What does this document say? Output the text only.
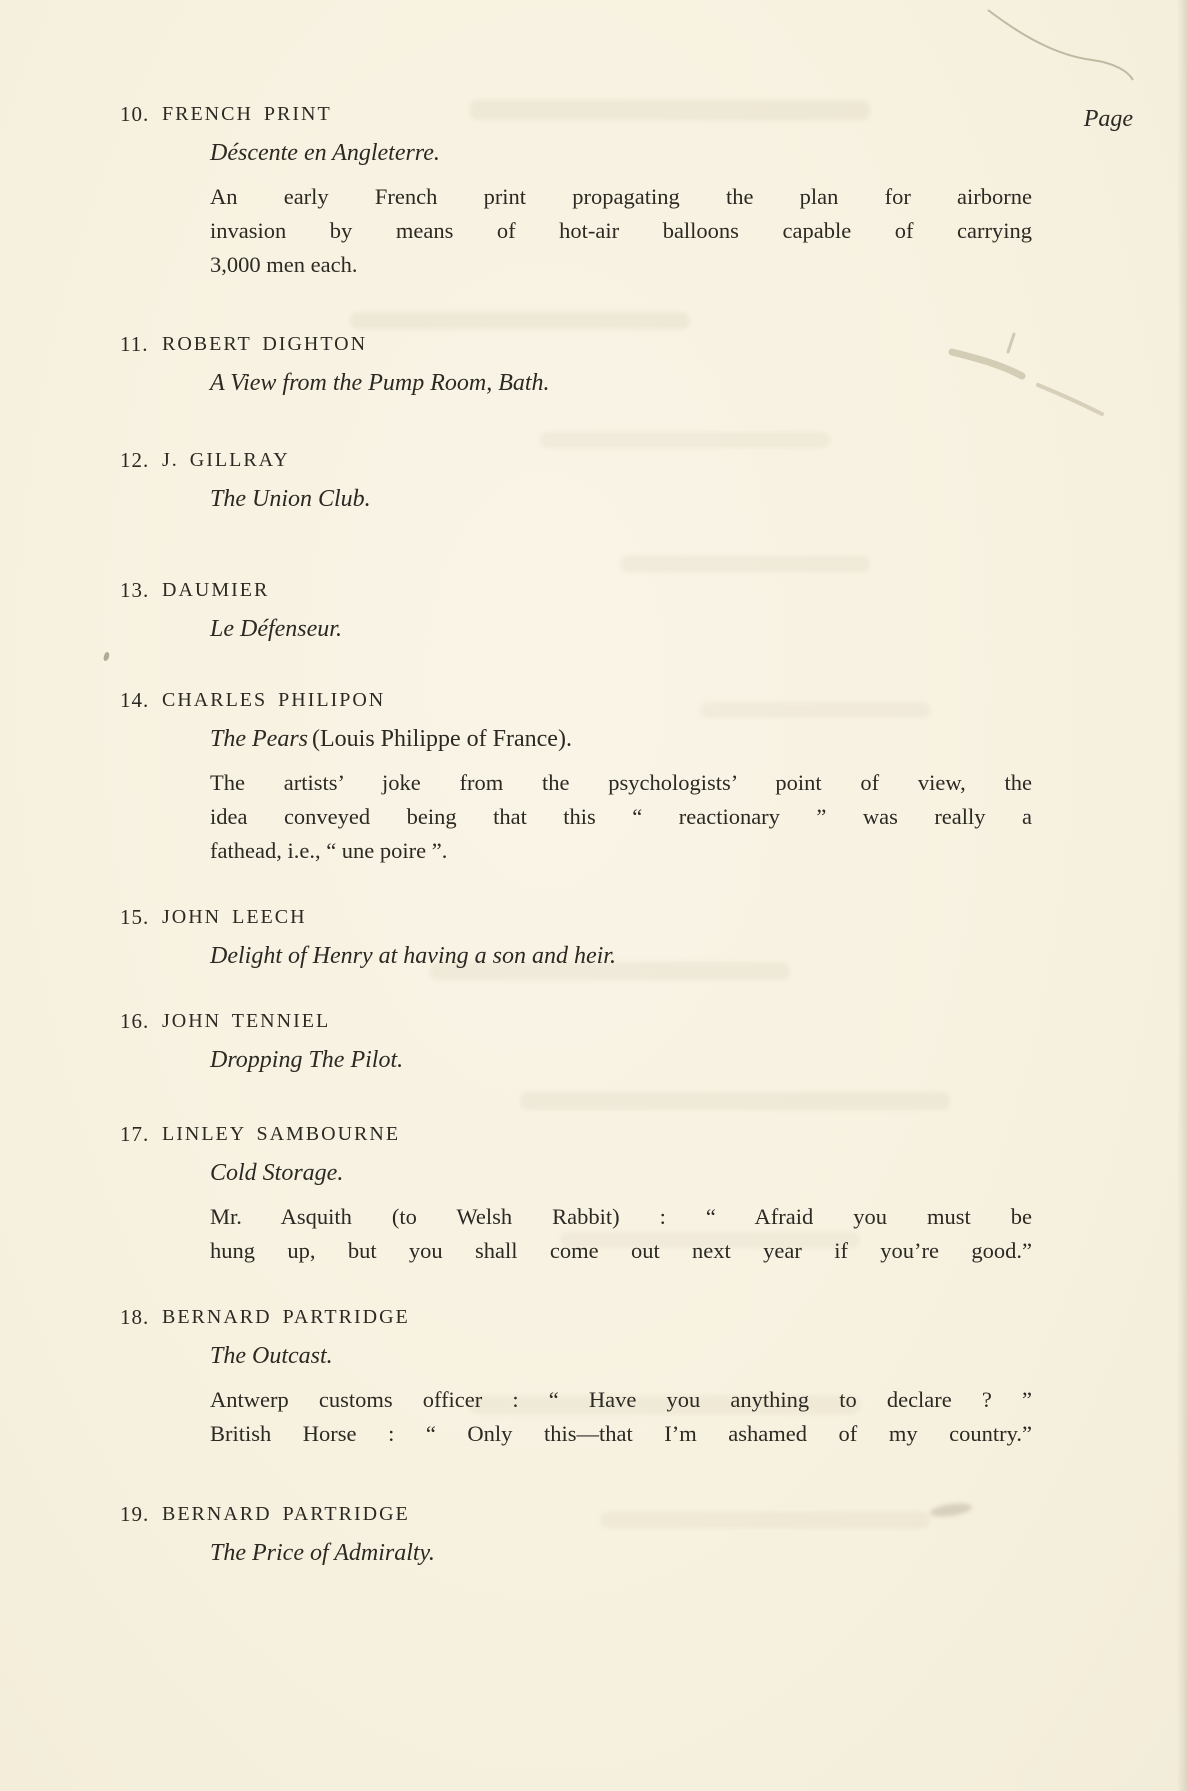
Page
10. FRENCH PRINT
Déscente en Angleterre.
An early French print propagating the plan for airborne
invasion by means of hot-air balloons capable of carrying
3,000 men each.
11. ROBERT DIGHTON
A View from the Pump Room, Bath.
12. J. GILLRAY
The Union Club.
13. DAUMIER
Le Défenseur.
14. CHARLES PHILIPON
The Pears (Louis Philippe of France).
The artists’ joke from the psychologists’ point of view, the
idea conveyed being that this “ reactionary ” was really a
fathead, i.e., “ une poire ”.
15. JOHN LEECH
Delight of Henry at having a son and heir.
16. JOHN TENNIEL
Dropping The Pilot.
17. LINLEY SAMBOURNE
Cold Storage.
Mr. Asquith (to Welsh Rabbit) : “ Afraid you must be
hung up, but you shall come out next year if you’re good.”
18. BERNARD PARTRIDGE
The Outcast.
Antwerp customs officer : “ Have you anything to declare ? ”
British Horse : “ Only this—that I’m ashamed of my country.”
19. BERNARD PARTRIDGE
The Price of Admiralty.
